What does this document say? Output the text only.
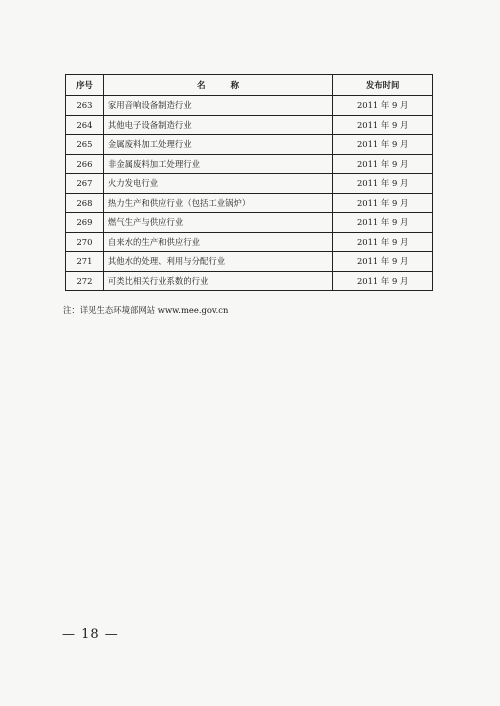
序号	名　　　称	发布时间
263	家用音响设备制造行业	2011 年 9 月
264	其他电子设备制造行业	2011 年 9 月
265	金属废料加工处理行业	2011 年 9 月
266	非金属废料加工处理行业	2011 年 9 月
267	火力发电行业	2011 年 9 月
268	热力生产和供应行业（包括工业锅炉）	2011 年 9 月
269	燃气生产与供应行业	2011 年 9 月
270	自来水的生产和供应行业	2011 年 9 月
271	其他水的处理、利用与分配行业	2011 年 9 月
272	可类比相关行业系数的行业	2011 年 9 月
注：详见生态环境部网站 www.mee.gov.cn
— 18 —
